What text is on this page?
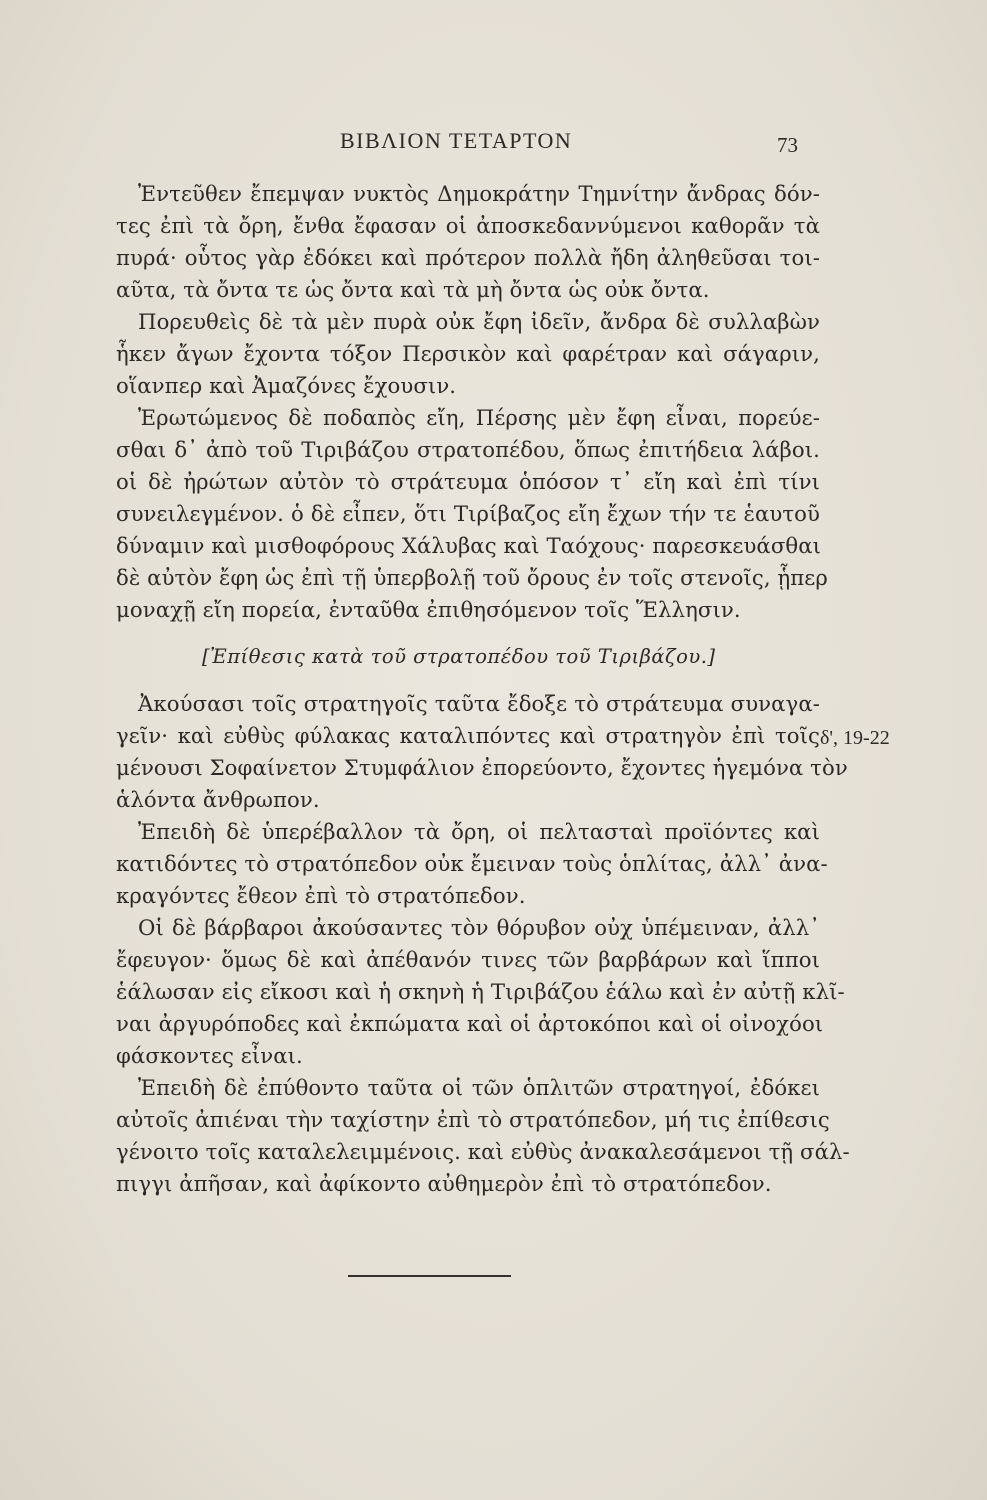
ΒΙΒΛΙΟΝ ΤΕΤΑΡΤΟΝ	73
Ἐντεῦθεν ἔπεμψαν νυκτὸς Δημοκράτην Τημνίτην ἄνδρας δόν-
τες ἐπὶ τὰ ὄρη, ἔνθα ἔφασαν οἱ ἀποσκεδαννύμενοι καθορᾶν τὰ
πυρά· οὗτος γὰρ ἐδόκει καὶ πρότερον πολλὰ ἤδη ἀληθεῦσαι τοι-
αῦτα, τὰ ὄντα τε ὡς ὄντα καὶ τὰ μὴ ὄντα ὡς οὐκ ὄντα.
Πορευθεὶς δὲ τὰ μὲν πυρὰ οὐκ ἔφη ἰδεῖν, ἄνδρα δὲ συλλαβὼν
ἧκεν ἄγων ἔχοντα τόξον Περσικὸν καὶ φαρέτραν καὶ σάγαριν,
οἵανπερ καὶ Ἀμαζόνες ἔχουσιν.
Ἐρωτώμενος δὲ ποδαπὸς εἴη, Πέρσης μὲν ἔφη εἶναι, πορεύε-
σθαι δ᾽ ἀπὸ τοῦ Τιριβάζου στρατοπέδου, ὅπως ἐπιτήδεια λάβοι.
οἱ δὲ ἠρώτων αὐτὸν τὸ στράτευμα ὁπόσον τ᾽ εἴη καὶ ἐπὶ τίνι
συνειλεγμένον. ὁ δὲ εἶπεν, ὅτι Τιρίβαζος εἴη ἔχων τήν τε ἑαυτοῦ
δύναμιν καὶ μισθοφόρους Χάλυβας καὶ Ταόχους· παρεσκευάσθαι
δὲ αὐτὸν ἔφη ὡς ἐπὶ τῇ ὑπερβολῇ τοῦ ὄρους ἐν τοῖς στενοῖς, ᾗπερ
μοναχῇ εἴη πορεία, ἐνταῦθα ἐπιθησόμενον τοῖς Ἕλλησιν.
[Ἐπίθεσις κατὰ τοῦ στρατοπέδου τοῦ Τιριβάζου.]
Ἀκούσασι τοῖς στρατηγοῖς ταῦτα ἔδοξε τὸ στράτευμα συναγα-
γεῖν· καὶ εὐθὺς φύλακας καταλιπόντες καὶ στρατηγὸν ἐπὶ τοῖς
μένουσι Σοφαίνετον Στυμφάλιον ἐπορεύοντο, ἔχοντες ἡγεμόνα τὸν
ἁλόντα ἄνθρωπον.
Ἐπειδὴ δὲ ὑπερέβαλλον τὰ ὄρη, οἱ πελτασταὶ προϊόντες καὶ
κατιδόντες τὸ στρατόπεδον οὐκ ἔμειναν τοὺς ὁπλίτας, ἀλλ᾽ ἀνα-
κραγόντες ἔθεον ἐπὶ τὸ στρατόπεδον.
Οἱ δὲ βάρβαροι ἀκούσαντες τὸν θόρυβον οὐχ ὑπέμειναν, ἀλλ᾽
ἔφευγον· ὅμως δὲ καὶ ἀπέθανόν τινες τῶν βαρβάρων καὶ ἵπποι
ἑάλωσαν εἰς εἴκοσι καὶ ἡ σκηνὴ ἡ Τιριβάζου ἑάλω καὶ ἐν αὐτῇ κλῖ-
ναι ἀργυρόποδες καὶ ἐκπώματα καὶ οἱ ἀρτοκόποι καὶ οἱ οἰνοχόοι
φάσκοντες εἶναι.
Ἐπειδὴ δὲ ἐπύθοντο ταῦτα οἱ τῶν ὁπλιτῶν στρατηγοί, ἐδόκει
αὐτοῖς ἀπιέναι τὴν ταχίστην ἐπὶ τὸ στρατόπεδον, μή τις ἐπίθεσις
γένοιτο τοῖς καταλελειμμένοις. καὶ εὐθὺς ἀνακαλεσάμενοι τῇ σάλ-
πιγγι ἀπῆσαν, καὶ ἀφίκοντο αὐθημερὸν ἐπὶ τὸ στρατόπεδον.
δ', 19-22
